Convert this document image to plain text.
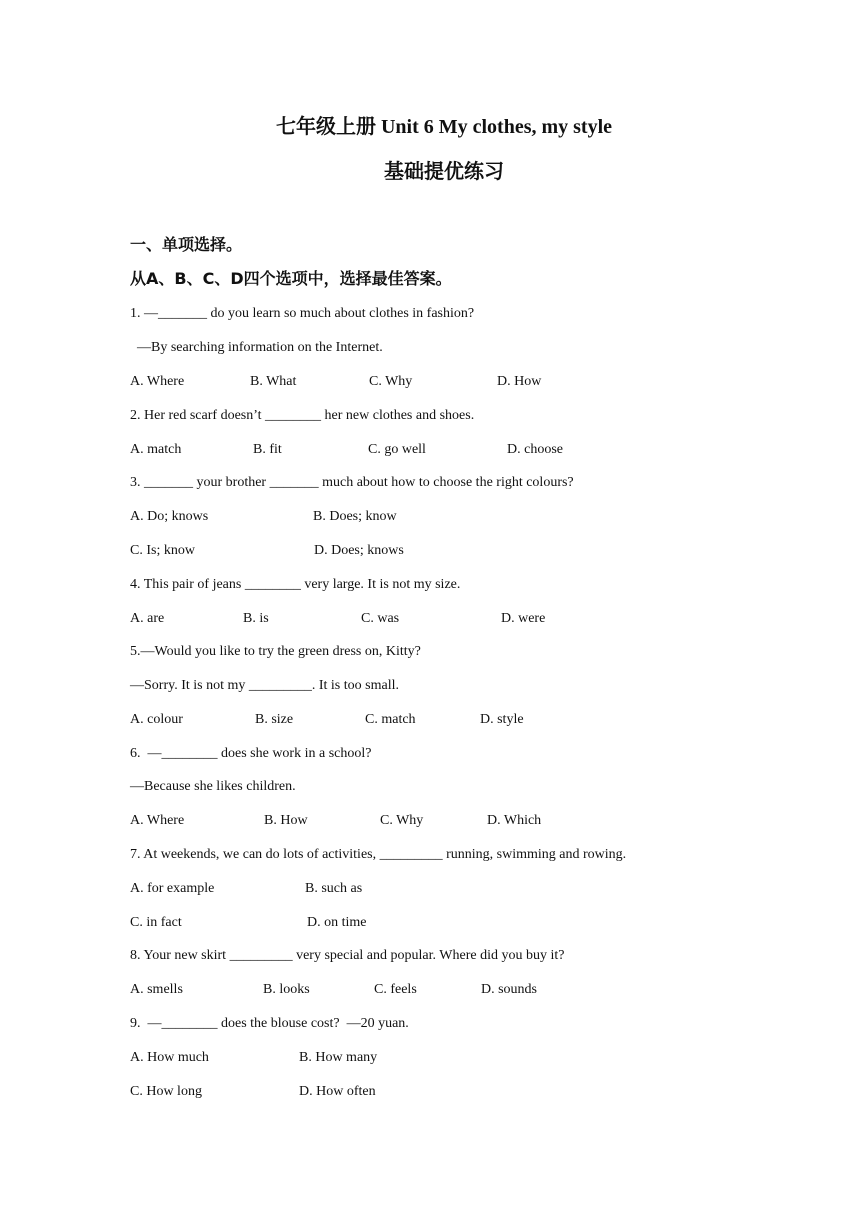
七年级上册 Unit 6 My clothes, my style
基础提优练习
一、单项选择。
从A、B、C、D四个选项中，选择最佳答案。
1. —_______ do you learn so much about clothes in fashion?
—By searching information on the Internet.
A. Where	B. What	C. Why	D. How
2. Her red scarf doesn’t ________ her new clothes and shoes.
A. match	B. fit	C. go well	D. choose
3. _______ your brother _______ much about how to choose the right colours?
A. Do; knows	B. Does; know
C. Is; know	D. Does; knows
4. This pair of jeans ________ very large. It is not my size.
A. are	B. is	C. was	D. were
5.—Would you like to try the green dress on, Kitty?
—Sorry. It is not my _________. It is too small.
A. colour	B. size	C. match	D. style
6.  —________ does she work in a school?
—Because she likes children.
A. Where	B. How	C. Why	D. Which
7. At weekends, we can do lots of activities, _________ running, swimming and rowing.
A. for example	B. such as
C. in fact	D. on time
8. Your new skirt _________ very special and popular. Where did you buy it?
A. smells	B. looks	C. feels	D. sounds
9.  —________ does the blouse cost?  —20 yuan.
A. How much	B. How many
C. How long	D. How often
